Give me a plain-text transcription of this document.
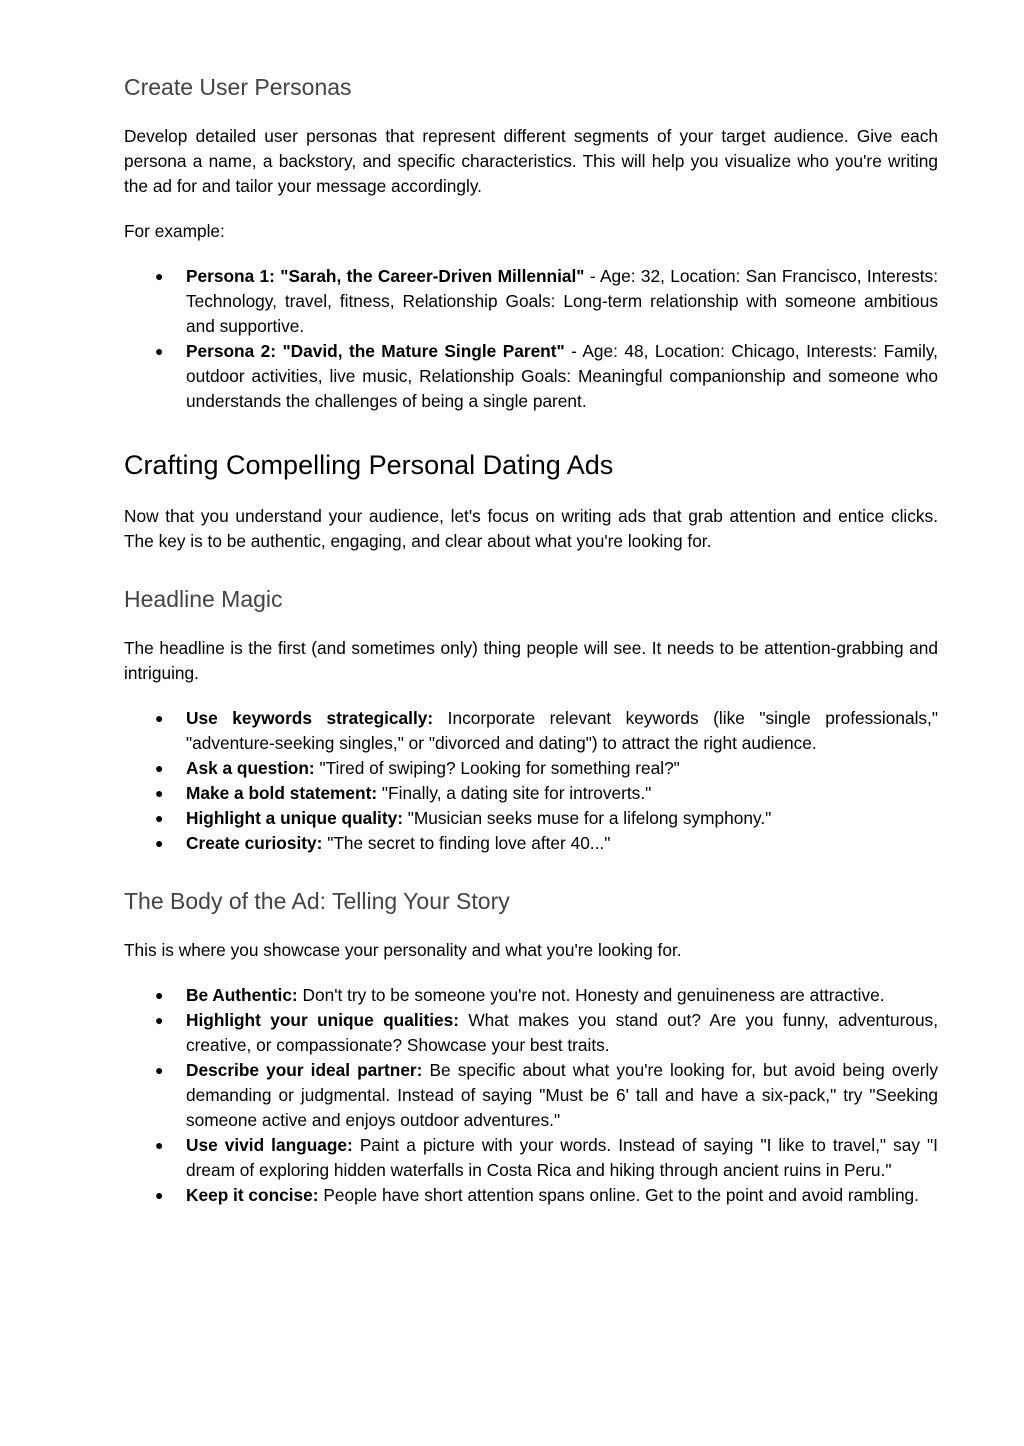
Create User Personas

Develop detailed user personas that represent different segments of your target audience. Give each persona a name, a backstory, and specific characteristics. This will help you visualize who you're writing the ad for and tailor your message accordingly.

For example:

● Persona 1: "Sarah, the Career-Driven Millennial" - Age: 32, Location: San Francisco, Interests: Technology, travel, fitness, Relationship Goals: Long-term relationship with someone ambitious and supportive.
● Persona 2: "David, the Mature Single Parent" - Age: 48, Location: Chicago, Interests: Family, outdoor activities, live music, Relationship Goals: Meaningful companionship and someone who understands the challenges of being a single parent.
Crafting Compelling Personal Dating Ads

Now that you understand your audience, let's focus on writing ads that grab attention and entice clicks. The key is to be authentic, engaging, and clear about what you're looking for.

Headline Magic

The headline is the first (and sometimes only) thing people will see. It needs to be attention-grabbing and intriguing.

● Use keywords strategically: Incorporate relevant keywords (like "single professionals," "adventure-seeking singles," or "divorced and dating") to attract the right audience.
● Ask a question: "Tired of swiping? Looking for something real?"
● Make a bold statement: "Finally, a dating site for introverts."
● Highlight a unique quality: "Musician seeks muse for a lifelong symphony."
● Create curiosity: "The secret to finding love after 40..."
The Body of the Ad: Telling Your Story

This is where you showcase your personality and what you're looking for.

● Be Authentic: Don't try to be someone you're not. Honesty and genuineness are attractive.
● Highlight your unique qualities: What makes you stand out? Are you funny, adventurous, creative, or compassionate? Showcase your best traits.
● Describe your ideal partner: Be specific about what you're looking for, but avoid being overly demanding or judgmental. Instead of saying "Must be 6' tall and have a six-pack," try "Seeking someone active and enjoys outdoor adventures."
● Use vivid language: Paint a picture with your words. Instead of saying "I like to travel," say "I dream of exploring hidden waterfalls in Costa Rica and hiking through ancient ruins in Peru."
● Keep it concise: People have short attention spans online. Get to the point and avoid rambling.
